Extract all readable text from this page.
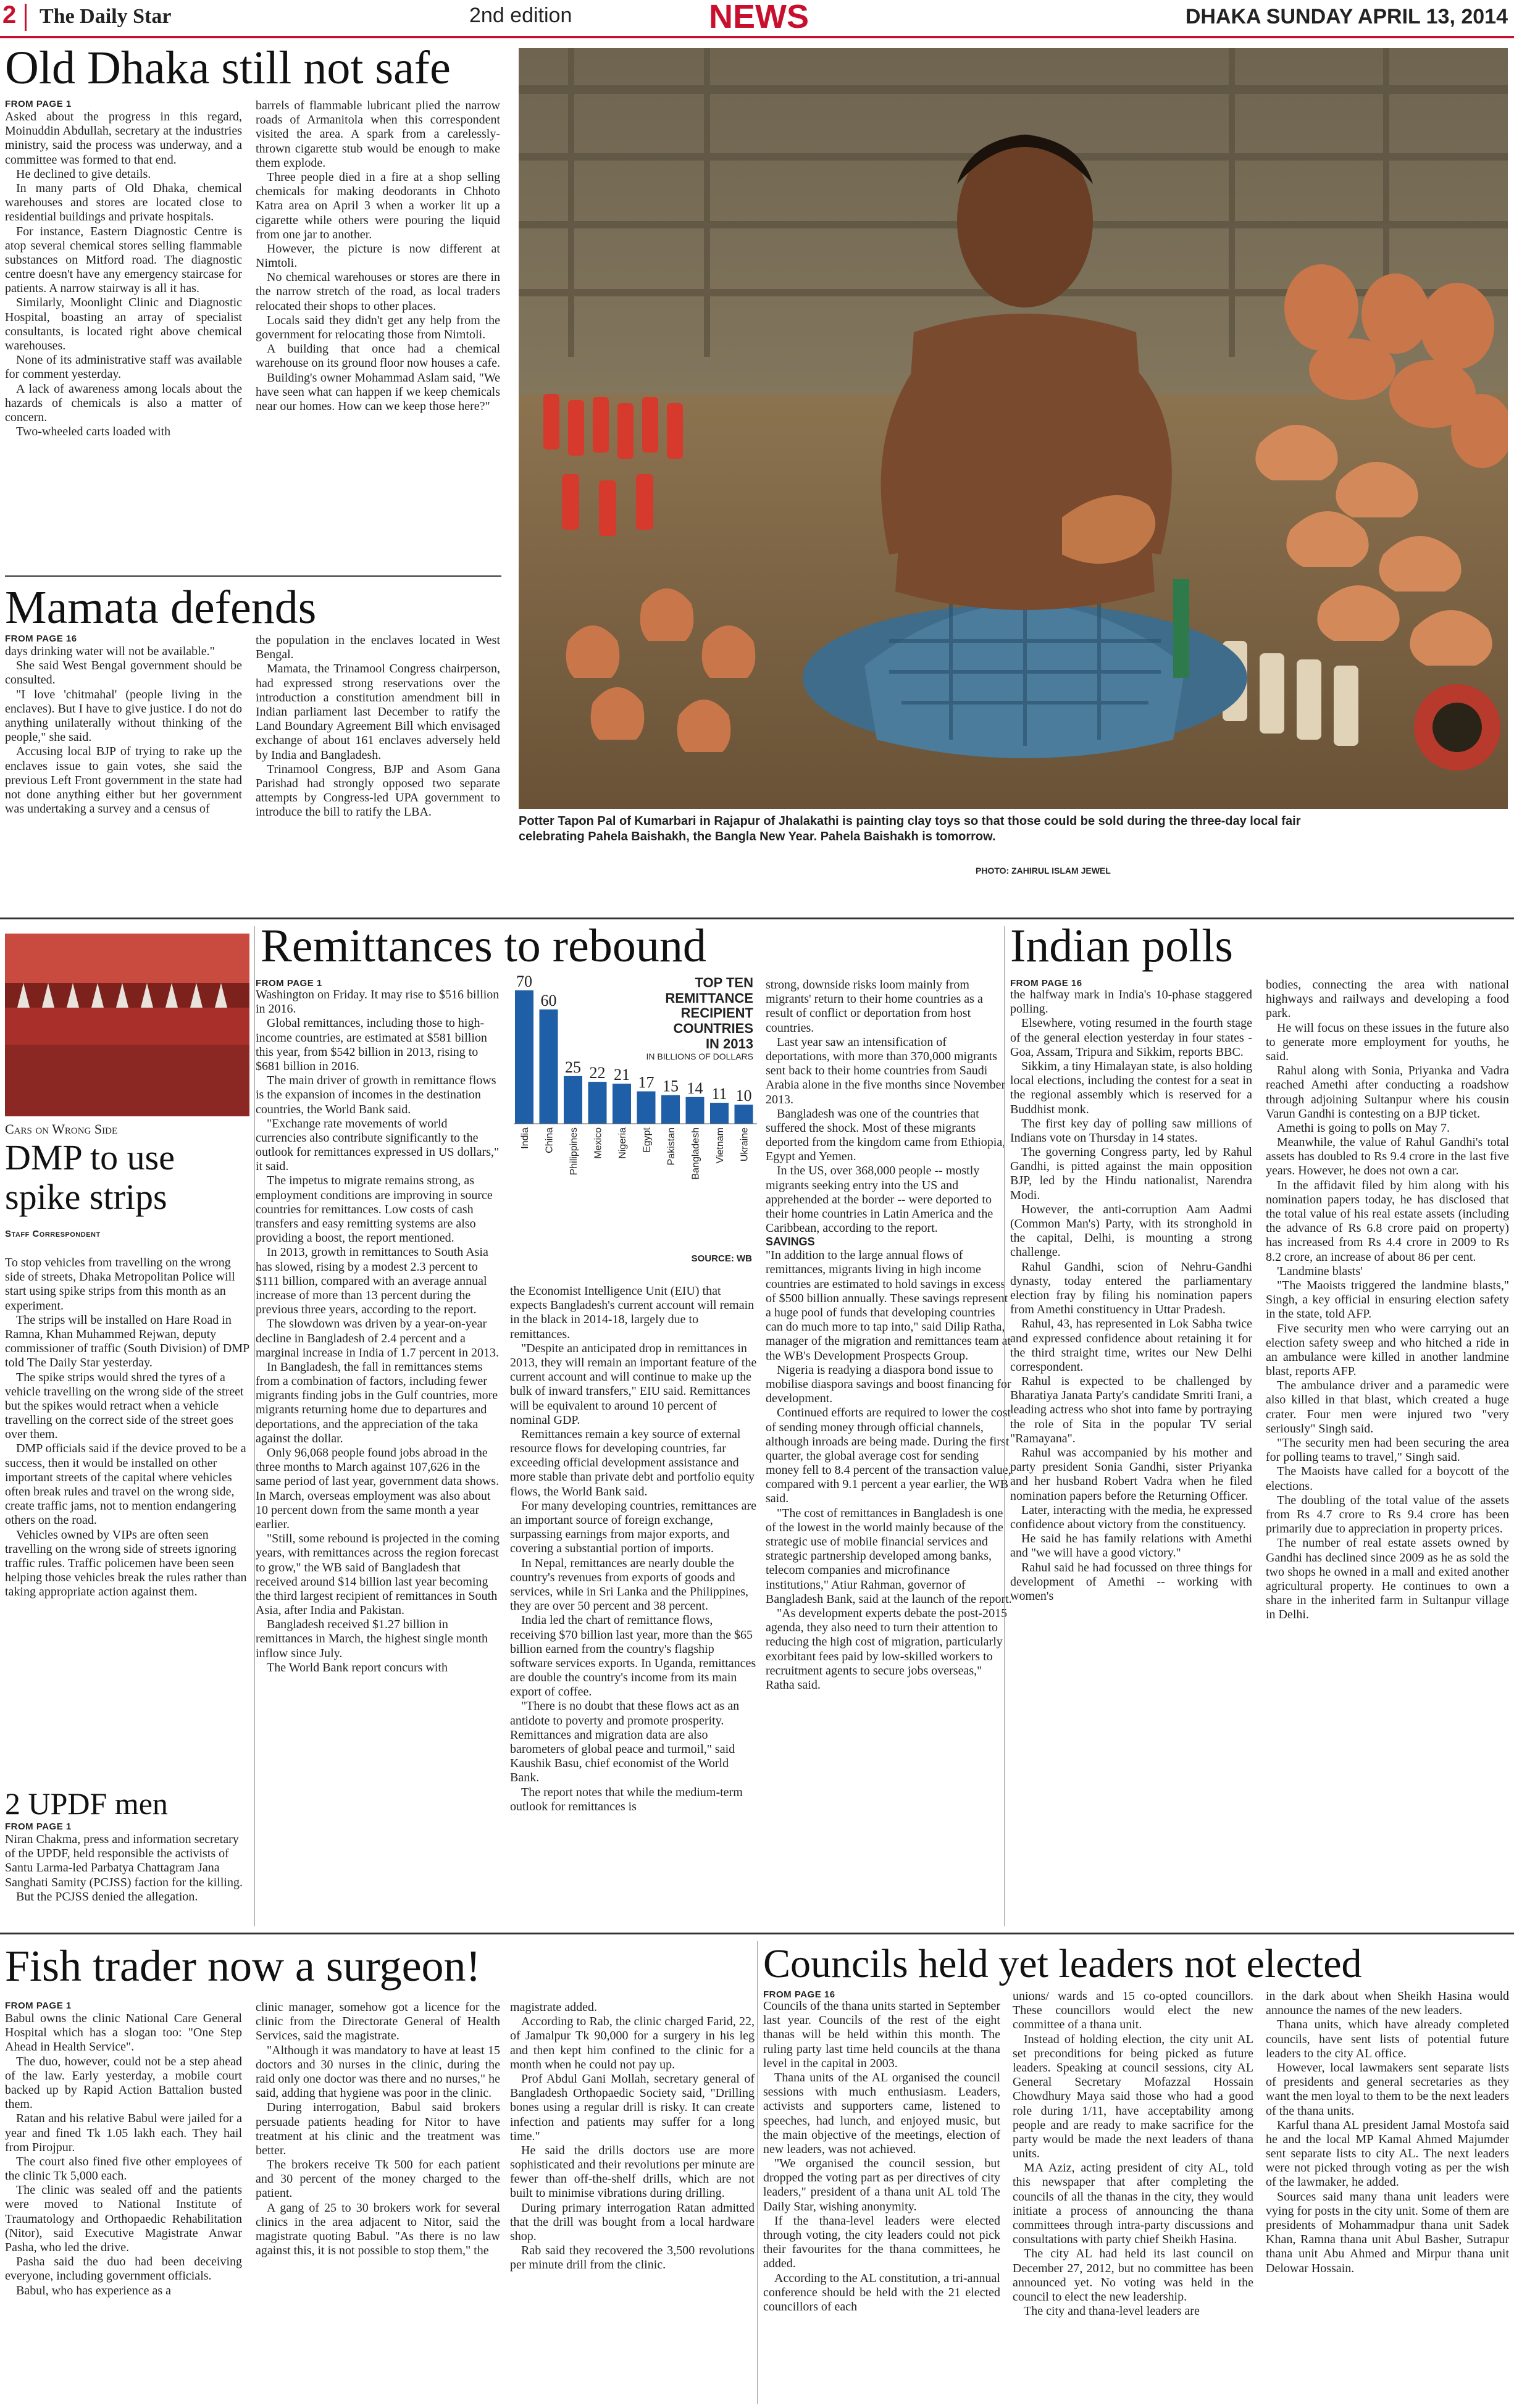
2 The Daily Star	2nd edition	NEWS	DHAKA SUNDAY APRIL 13, 2014
Old Dhaka still not safe
FROM PAGE 1

Asked about the progress in this regard, Moinuddin Abdullah, secretary at the industries ministry, said the process was underway, and a committee was formed to that end.

He declined to give details.

In many parts of Old Dhaka, chemical warehouses and stores are located close to residential buildings and private hospitals.

For instance, Eastern Diagnostic Centre is atop several chemical stores selling flammable substances on Mitford road. The diagnostic centre doesn't have any emergency staircase for patients. A narrow stairway is all it has.

Similarly, Moonlight Clinic and Diagnostic Hospital, boasting an array of specialist consultants, is located right above chemical warehouses.

None of its administrative staff was available for comment yesterday.

A lack of awareness among locals about the hazards of chemicals is also a matter of concern.

Two-wheeled carts loaded with

barrels of flammable lubricant plied the narrow roads of Armanitola when this correspondent visited the area. A spark from a carelessly-thrown cigarette stub would be enough to make them explode.

Three people died in a fire at a shop selling chemicals for making deodorants in Chhoto Katra area on April 3 when a worker lit up a cigarette while others were pouring the liquid from one jar to another.

However, the picture is now different at Nimtoli.

No chemical warehouses or stores are there in the narrow stretch of the road, as local traders relocated their shops to other places.

Locals said they didn't get any help from the government for relocating those from Nimtoli.

A building that once had a chemical warehouse on its ground floor now houses a cafe.

Building's owner Mohammad Aslam said, "We have seen what can happen if we keep chemicals near our homes. How can we keep those here?"

Potter Tapon Pal of Kumarbari in Rajapur of Jhalakathi is painting clay toys so that those could be sold during the three-day local fair celebrating Pahela Baishakh, the Bangla New Year. Pahela Baishakh is tomorrow.
PHOTO: ZAHIRUL ISLAM JEWEL
Mamata defends
FROM PAGE 16

days drinking water will not be available."

She said West Bengal government should be consulted.

"I love 'chitmahal' (people living in the enclaves). But I have to give justice. I do not do anything unilaterally without thinking of the people," she said.

Accusing local BJP of trying to rake up the enclaves issue to gain votes, she said the previous Left Front government in the state had not done anything either but her government was undertaking a survey and a census of

the population in the enclaves located in West Bengal.

Mamata, the Trinamool Congress chairperson, had expressed strong reservations over the introduction a constitution amendment bill in Indian parliament last December to ratify the Land Boundary Agreement Bill which envisaged exchange of about 161 enclaves adversely held by India and Bangladesh.

Trinamool Congress, BJP and Asom Gana Parishad had strongly opposed two separate attempts by Congress-led UPA government to introduce the bill to ratify the LBA.

Cars on Wrong Side
DMP to use
spike strips
Staff Correspondent

To stop vehicles from travelling on the wrong side of streets, Dhaka Metropolitan Police will start using spike strips from this month as an experiment.

The strips will be installed on Hare Road in Ramna, Khan Muhammed Rejwan, deputy commissioner of traffic (South Division) of DMP told The Daily Star yesterday.

The spike strips would shred the tyres of a vehicle travelling on the wrong side of the street but the spikes would retract when a vehicle travelling on the correct side of the street goes over them.

DMP officials said if the device proved to be a success, then it would be installed on other important streets of the capital where vehicles often break rules and travel on the wrong side, create traffic jams, not to mention endangering others on the road.

Vehicles owned by VIPs are often seen travelling on the wrong side of streets ignoring traffic rules. Traffic policemen have been seen helping those vehicles break the rules rather than taking appropriate action against them.

2 UPDF men
FROM PAGE 1

Niran Chakma, press and information secretary of the UPDF, held responsible the activists of Santu Larma-led Parbatya Chattagram Jana Sanghati Samity (PCJSS) faction for the killing.

But the PCJSS denied the allegation.

Remittances to rebound
FROM PAGE 1

Washington on Friday. It may rise to $516 billion in 2016.

Global remittances, including those to high-income countries, are estimated at $581 billion this year, from $542 billion in 2013, rising to $681 billion in 2016.

The main driver of growth in remittance flows is the expansion of incomes in the destination countries, the World Bank said.

"Exchange rate movements of world currencies also contribute significantly to the outlook for remittances expressed in US dollars," it said.

The impetus to migrate remains strong, as employment conditions are improving in source countries for remittances. Low costs of cash transfers and easy remitting systems are also providing a boost, the report mentioned.

In 2013, growth in remittances to South Asia has slowed, rising by a modest 2.3 percent to $111 billion, compared with an average annual increase of more than 13 percent during the previous three years, according to the report.

The slowdown was driven by a year-on-year decline in Bangladesh of 2.4 percent and a marginal increase in India of 1.7 percent in 2013.

In Bangladesh, the fall in remittances stems from a combination of factors, including fewer migrants finding jobs in the Gulf countries, more migrants returning home due to departures and deportations, and the appreciation of the taka against the dollar.

Only 96,068 people found jobs abroad in the three months to March against 107,626 in the same period of last year, government data shows. In March, overseas employment was also about 10 percent down from the same month a year earlier.

"Still, some rebound is projected in the coming years, with remittances across the region forecast to grow," the WB said of Bangladesh that received around $14 billion last year becoming the third largest recipient of remittances in South Asia, after India and Pakistan.

Bangladesh received $1.27 billion in remittances in March, the highest single month inflow since July.

The World Bank report concurs with

70
60
25 22 21 17 15 14 11 10
India China Philippines Mexico Nigeria Egypt Pakistan Bangladesh Vietnam Ukraine
TOP TEN REMITTANCE
RECIPIENT COUNTRIES
IN 2013
IN BILLIONS OF DOLLARS
SOURCE: WB

the Economist Intelligence Unit (EIU) that expects Bangladesh's current account will remain in the black in 2014-18, largely due to remittances.

"Despite an anticipated drop in remittances in 2013, they will remain an important feature of the current account and will continue to make up the bulk of inward transfers," EIU said. Remittances will be equivalent to around 10 percent of nominal GDP.

Remittances remain a key source of external resource flows for developing countries, far exceeding official development assistance and more stable than private debt and portfolio equity flows, the World Bank said.

For many developing countries, remittances are an important source of foreign exchange, surpassing earnings from major exports, and covering a substantial portion of imports.

In Nepal, remittances are nearly double the country's revenues from exports of goods and services, while in Sri Lanka and the Philippines, they are over 50 percent and 38 percent.

India led the chart of remittance flows, receiving $70 billion last year, more than the $65 billion earned from the country's flagship software services exports. In Uganda, remittances are double the country's income from its main export of coffee.

"There is no doubt that these flows act as an antidote to poverty and promote prosperity. Remittances and migration data are also barometers of global peace and turmoil," said Kaushik Basu, chief economist of the World Bank.

The report notes that while the medium-term outlook for remittances is

strong, downside risks loom mainly from migrants' return to their home countries as a result of conflict or deportation from host countries.

Last year saw an intensification of deportations, with more than 370,000 migrants sent back to their home countries from Saudi Arabia alone in the five months since November 2013.

Bangladesh was one of the countries that suffered the shock. Most of these migrants deported from the kingdom came from Ethiopia, Egypt and Yemen.

In the US, over 368,000 people -- mostly migrants seeking entry into the US and apprehended at the border -- were deported to their home countries in Latin America and the Caribbean, according to the report.

SAVINGS

"In addition to the large annual flows of remittances, migrants living in high income countries are estimated to hold savings in excess of $500 billion annually. These savings represent a huge pool of funds that developing countries can do much more to tap into," said Dilip Ratha, manager of the migration and remittances team at the WB's Development Prospects Group.

Nigeria is readying a diaspora bond issue to mobilise diaspora savings and boost financing for development.

Continued efforts are required to lower the cost of sending money through official channels, although inroads are being made. During the first quarter, the global average cost for sending money fell to 8.4 percent of the transaction value, compared with 9.1 percent a year earlier, the WB said.

"The cost of remittances in Bangladesh is one of the lowest in the world mainly because of the strategic use of mobile financial services and strategic partnership developed among banks, telecom companies and microfinance institutions," Atiur Rahman, governor of Bangladesh Bank, said at the launch of the report.

"As development experts debate the post-2015 agenda, they also need to turn their attention to reducing the high cost of migration, particularly exorbitant fees paid by low-skilled workers to recruitment agents to secure jobs overseas," Ratha said.

Indian polls
FROM PAGE 16

the halfway mark in India's 10-phase staggered polling.

Elsewhere, voting resumed in the fourth stage of the general election yesterday in four states - Goa, Assam, Tripura and Sikkim, reports BBC.

Sikkim, a tiny Himalayan state, is also holding local elections, including the contest for a seat in the regional assembly which is reserved for a Buddhist monk.

The first key day of polling saw millions of Indians vote on Thursday in 14 states.

The governing Congress party, led by Rahul Gandhi, is pitted against the main opposition BJP, led by the Hindu nationalist, Narendra Modi.

However, the anti-corruption Aam Aadmi (Common Man's) Party, with its stronghold in the capital, Delhi, is mounting a strong challenge.

Rahul Gandhi, scion of Nehru-Gandhi dynasty, today entered the parliamentary election fray by filing his nomination papers from Amethi constituency in Uttar Pradesh.

Rahul, 43, has represented in Lok Sabha twice and expressed confidence about retaining it for the third straight time, writes our New Delhi correspondent.

Rahul is expected to be challenged by Bharatiya Janata Party's candidate Smriti Irani, a leading actress who shot into fame by portraying the role of Sita in the popular TV serial "Ramayana".

Rahul was accompanied by his mother and party president Sonia Gandhi, sister Priyanka and her husband Robert Vadra when he filed nomination papers before the Returning Officer.

Later, interacting with the media, he expressed confidence about victory from the constituency.

He said he has family relations with Amethi and "we will have a good victory."

Rahul said he had focussed on three things for development of Amethi -- working with women's

bodies, connecting the area with national highways and railways and developing a food park.

He will focus on these issues in the future also to generate more employment for youths, he said.

Rahul along with Sonia, Priyanka and Vadra reached Amethi after conducting a roadshow through adjoining Sultanpur where his cousin Varun Gandhi is contesting on a BJP ticket.

Amethi is going to polls on May 7.

Meanwhile, the value of Rahul Gandhi's total assets has doubled to Rs 9.4 crore in the last five years. However, he does not own a car.

In the affidavit filed by him along with his nomination papers today, he has disclosed that the total value of his real estate assets (including the advance of Rs 6.8 crore paid on property) has increased from Rs 4.4 crore in 2009 to Rs 8.2 crore, an increase of about 86 per cent.

'Landmine blasts'

"The Maoists triggered the landmine blasts," Singh, a key official in ensuring election safety in the state, told AFP.

Five security men who were carrying out an election safety sweep and who hitched a ride in an ambulance were killed in another landmine blast, reports AFP.

The ambulance driver and a paramedic were also killed in that blast, which created a huge crater. Four men were injured two "very seriously" Singh said.

"The security men had been securing the area for polling teams to travel," Singh said.

The Maoists have called for a boycott of the elections.

The doubling of the total value of the assets from Rs 4.7 crore to Rs 9.4 crore has been primarily due to appreciation in property prices.

The number of real estate assets owned by Gandhi has declined since 2009 as he as sold the two shops he owned in a mall and exited another agricultural property. He continues to own a share in the inherited farm in Sultanpur village in Delhi.

Fish trader now a surgeon!
FROM PAGE 1

Babul owns the clinic National Care General Hospital which has a slogan too: "One Step Ahead in Health Service".

The duo, however, could not be a step ahead of the law. Early yesterday, a mobile court backed up by Rapid Action Battalion busted them.

Ratan and his relative Babul were jailed for a year and fined Tk 1.05 lakh each. They hail from Pirojpur.

The court also fined five other employees of the clinic Tk 5,000 each.

The clinic was sealed off and the patients were moved to National Institute of Traumatology and Orthopaedic Rehabilitation (Nitor), said Executive Magistrate Anwar Pasha, who led the drive.

Pasha said the duo had been deceiving everyone, including government officials.

Babul, who has experience as a

clinic manager, somehow got a licence for the clinic from the Directorate General of Health Services, said the magistrate.

"Although it was mandatory to have at least 15 doctors and 30 nurses in the clinic, during the raid only one doctor was there and no nurses," he said, adding that hygiene was poor in the clinic.

During interrogation, Babul said brokers persuade patients heading for Nitor to have treatment at his clinic and the treatment was better.

The brokers receive Tk 500 for each patient and 30 percent of the money charged to the patient.

A gang of 25 to 30 brokers work for several clinics in the area adjacent to Nitor, said the magistrate quoting Babul. "As there is no law against this, it is not possible to stop them," the

magistrate added.

According to Rab, the clinic charged Farid, 22, of Jamalpur Tk 90,000 for a surgery in his leg and then kept him confined to the clinic for a month when he could not pay up.

Prof Abdul Gani Mollah, secretary general of Bangladesh Orthopaedic Society said, "Drilling bones using a regular drill is risky. It can create infection and patients may suffer for a long time."

He said the drills doctors use are more sophisticated and their revolutions per minute are fewer than off-the-shelf drills, which are not built to minimise vibrations during drilling.

During primary interrogation Ratan admitted that the drill was bought from a local hardware shop.

Rab said they recovered the 3,500 revolutions per minute drill from the clinic.

Councils held yet leaders not elected
FROM PAGE 16

Councils of the thana units started in September last year. Councils of the rest of the eight thanas will be held within this month. The ruling party last time held councils at the thana level in the capital in 2003.

Thana units of the AL organised the council sessions with much enthusiasm. Leaders, activists and supporters came, listened to speeches, had lunch, and enjoyed music, but the main objective of the meetings, election of new leaders, was not achieved.

"We organised the council session, but dropped the voting part as per directives of city leaders," president of a thana unit AL told The Daily Star, wishing anonymity.

If the thana-level leaders were elected through voting, the city leaders could not pick their favourites for the thana committees, he added.

According to the AL constitution, a tri-annual conference should be held with the 21 elected councillors of each

unions/ wards and 15 co-opted councillors. These councillors would elect the new committee of a thana unit.

Instead of holding election, the city unit AL set preconditions for being picked as future leaders. Speaking at council sessions, city AL General Secretary Mofazzal Hossain Chowdhury Maya said those who had a good role during 1/11, have acceptability among people and are ready to make sacrifice for the party would be made the next leaders of thana units.

MA Aziz, acting president of city AL, told this newspaper that after completing the councils of all the thanas in the city, they would initiate a process of announcing the thana committees through intra-party discussions and consultations with party chief Sheikh Hasina.

The city AL had held its last council on December 27, 2012, but no committee has been announced yet. No voting was held in the council to elect the new leadership.

The city and thana-level leaders are

in the dark about when Sheikh Hasina would announce the names of the new leaders.

Thana units, which have already completed councils, have sent lists of potential future leaders to the city AL office.

However, local lawmakers sent separate lists of presidents and general secretaries as they want the men loyal to them to be the next leaders of the thana units.

Karful thana AL president Jamal Mostofa said he and the local MP Kamal Ahmed Majumder sent separate lists to city AL. The next leaders were not picked through voting as per the wish of the lawmaker, he added.

Sources said many thana unit leaders were vying for posts in the city unit. Some of them are presidents of Mohammadpur thana unit Sadek Khan, Ramna thana unit Abul Basher, Sutrapur thana unit Abu Ahmed and Mirpur thana unit Delowar Hossain.
